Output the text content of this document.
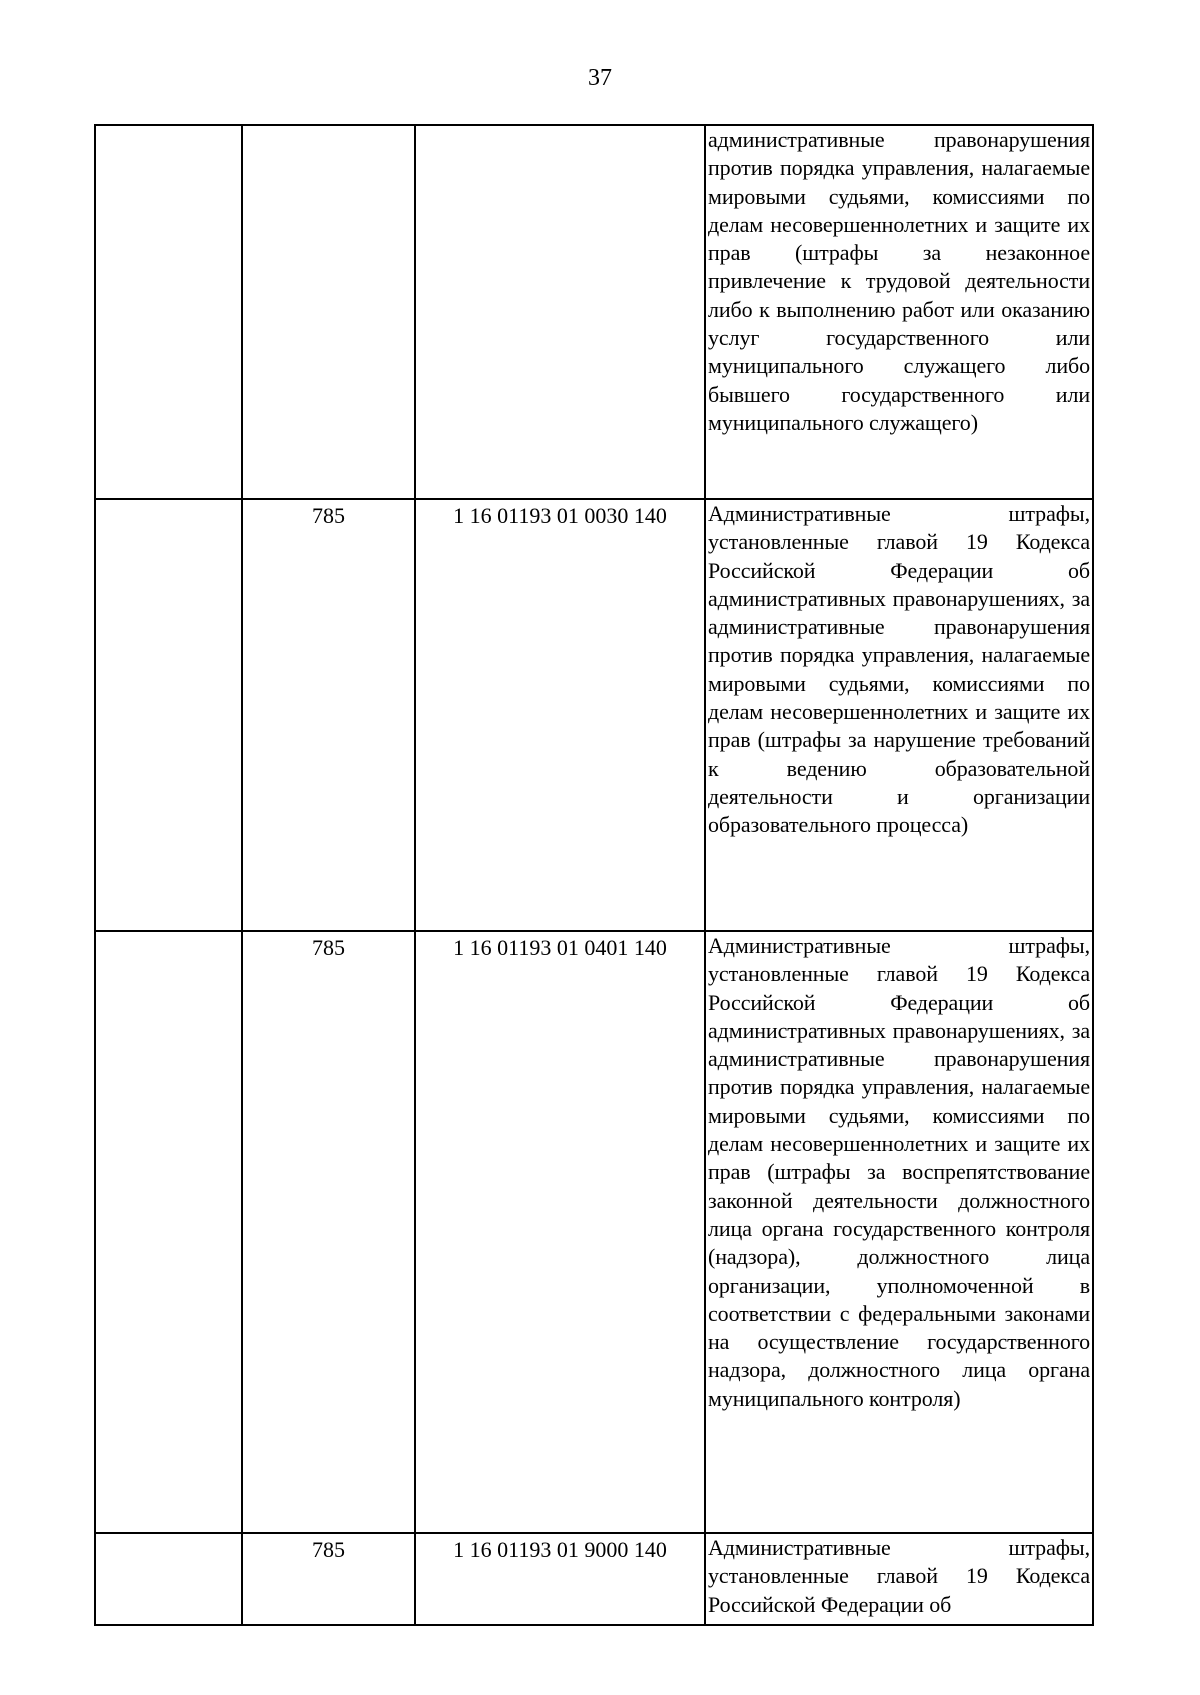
37
			административные правонарушения против порядка управления, налагаемые мировыми судьями, комиссиями по делам несовершеннолетних и защите их прав (штрафы за незаконное привлечение к трудовой деятельности либо к выполнению работ или оказанию услуг государственного или муниципального служащего либо бывшего государственного или муниципального служащего)
	785	1 16 01193 01 0030 140	Административные штрафы, установленные главой 19 Кодекса Российской Федерации об административных правонарушениях, за административные правонарушения против порядка управления, налагаемые мировыми судьями, комиссиями по делам несовершеннолетних и защите их прав (штрафы за нарушение требований к ведению образовательной деятельности и организации образовательного процесса)
	785	1 16 01193 01 0401 140	Административные штрафы, установленные главой 19 Кодекса Российской Федерации об административных правонарушениях, за административные правонарушения против порядка управления, налагаемые мировыми судьями, комиссиями по делам несовершеннолетних и защите их прав (штрафы за воспрепятствование законной деятельности должностного лица органа государственного контроля (надзора), должностного лица организации, уполномоченной в соответствии с федеральными законами на осуществление государственного надзора, должностного лица органа муниципального контроля)
	785	1 16 01193 01 9000 140	Административные штрафы, установленные главой 19 Кодекса Российской Федерации об
